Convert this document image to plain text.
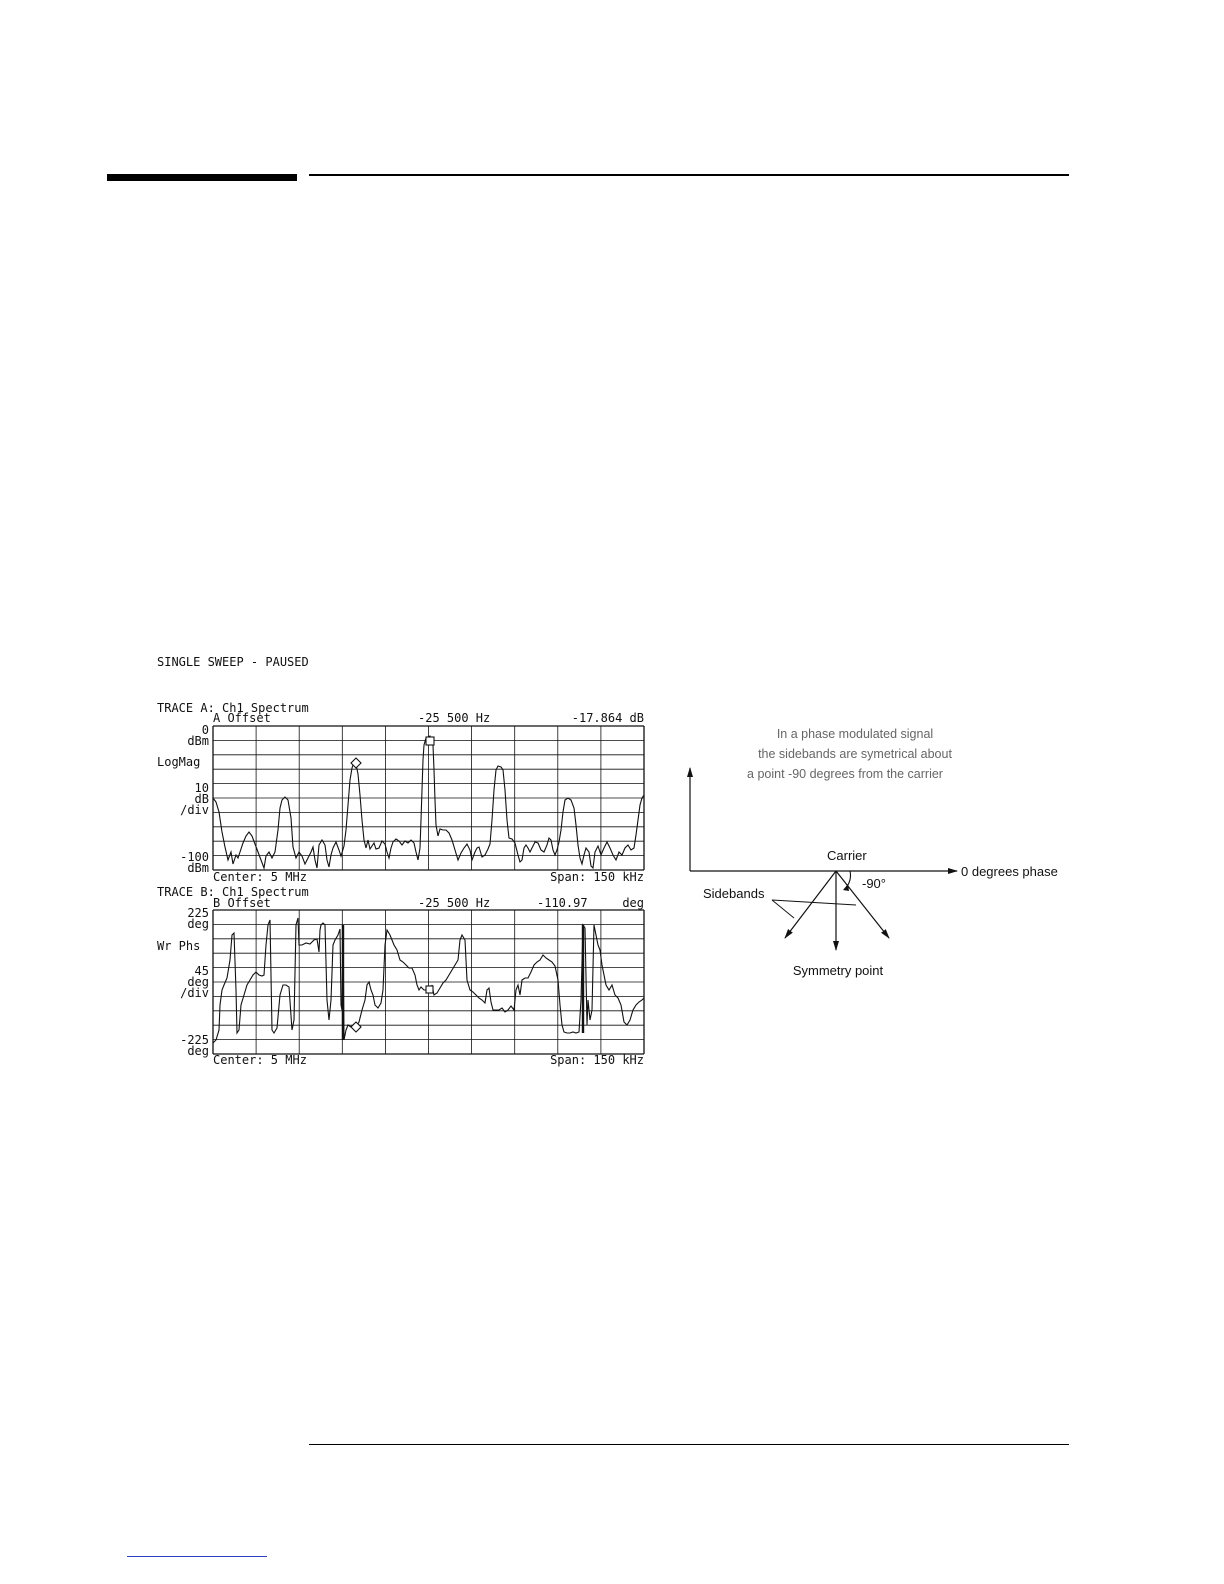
SINGLE SWEEP - PAUSED
TRACE A: Ch1 Spectrum
A Offset	-25 500 Hz	-17.864 dB
0
dBm
LogMag
10
dB
/div
-100
dBm
Center: 5 MHz	Span: 150 kHz
TRACE B: Ch1 Spectrum
B Offset	-25 500 Hz	-110.97	deg
225
deg
Wr Phs
45
deg
/div
-225
deg
Center: 5 MHz	Span: 150 kHz
In a phase modulated signal
the sidebands are symetrical about
a point -90 degrees from the carrier
Carrier
0 degrees phase
-90°
Sidebands
Symmetry point
